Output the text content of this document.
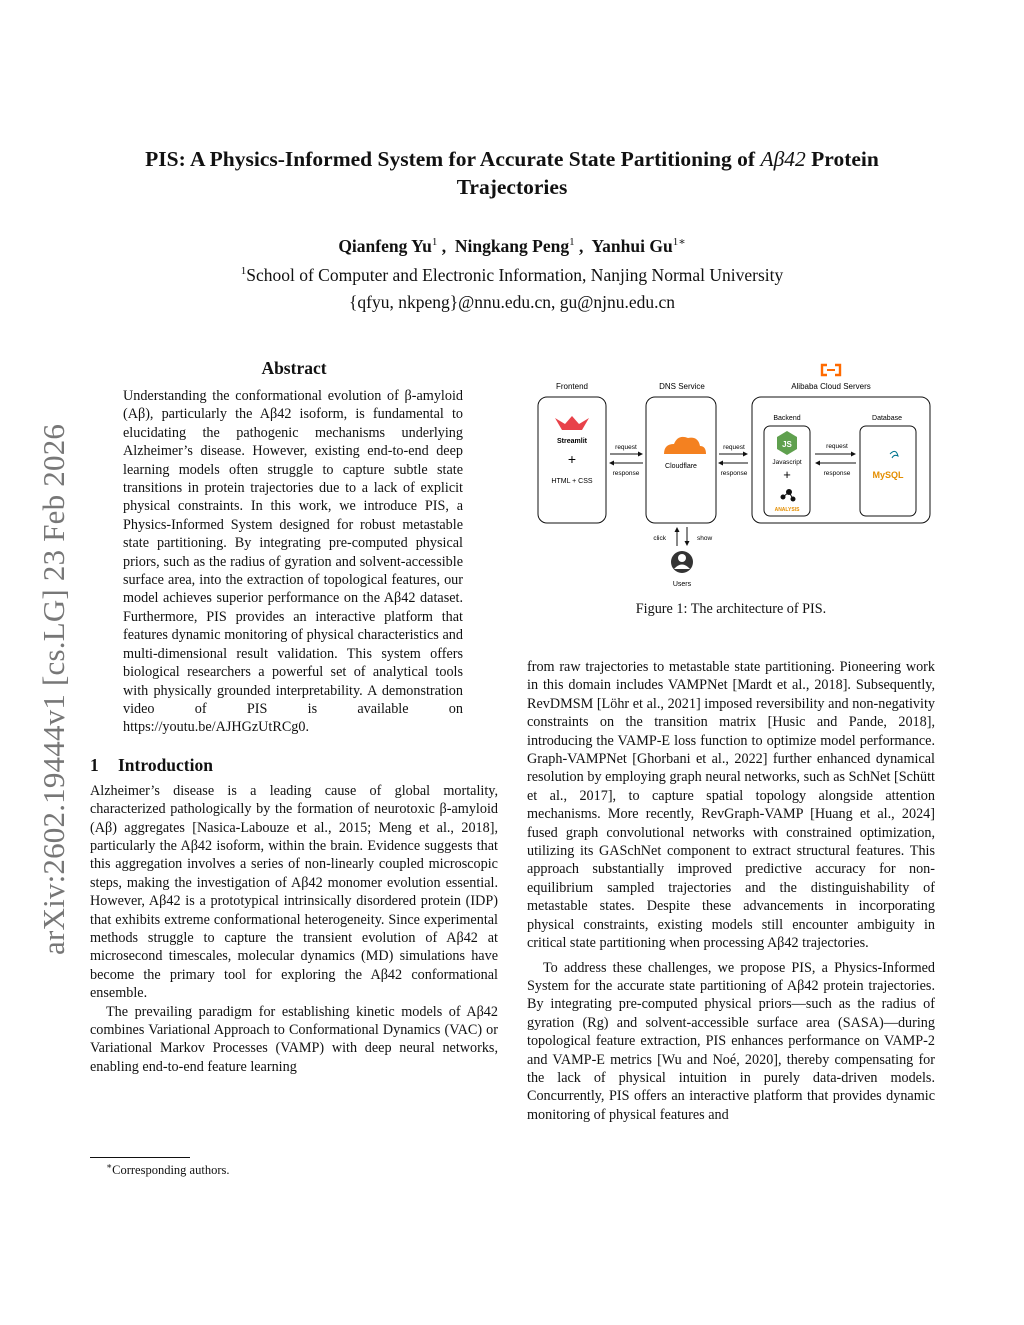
arXiv:2602.19444v1 [cs.LG] 23 Feb 2026
PIS: A Physics-Informed System for Accurate State Partitioning of Aβ42 Protein
Trajectories
Qianfeng Yu$^1$ ,  Ningkang Peng$^1$ ,  Yanhui $Gu^{1∗}$
$^1$School of Computer and Electronic Information, Nanjing Normal University
{qfyu, nkpeng}@nnu.edu.cn, gu@njnu.edu.cn
Abstract

Understanding the conformational evolution of β-amyloid (Aβ), particularly the Aβ42 isoform, is fundamental to elucidating the pathogenic mechanisms underlying Alzheimer’s disease. However, existing end-to-end deep learning models often struggle to capture subtle state transitions in protein trajectories due to a lack of explicit physical constraints. In this work, we introduce PIS, a Physics-Informed System designed for robust metastable state partitioning. By integrating pre-computed physical priors, such as the radius of gyration and solvent-accessible surface area, into the extraction of topological features, our model achieves superior performance on the Aβ42 dataset. Furthermore, PIS provides an interactive platform that features dynamic monitoring of physical characteristics and multi-dimensional result validation. This system offers biological researchers a powerful set of analytical tools with physically grounded interpretability. A demonstration video of PIS is available on https://youtu.be/AJHGzUtRCg0.

1 Introduction

Alzheimer’s disease is a leading cause of global mortality, characterized pathologically by the formation of neurotoxic β-amyloid (Aβ) aggregates [Nasica-Labouze et al., 2015; Meng et al., 2018], particularly the Aβ42 isoform, within the brain. Evidence suggests that this aggregation involves a series of non-linearly coupled microscopic steps, making the investigation of Aβ42 monomer evolution essential. However, Aβ42 is a prototypical intrinsically disordered protein (IDP) that exhibits extreme conformational heterogeneity. Since experimental methods struggle to capture the transient evolution of Aβ42 at microsecond timescales, molecular dynamics (MD) simulations have become the primary tool for exploring the Aβ42 conformational ensemble.

The prevailing paradigm for establishing kinetic models of Aβ42 combines Variational Approach to Conformational Dynamics (VAC) or Variational Markov Processes (VAMP) with deep neural networks, enabling end-to-end feature learning

∗Corresponding authors.
Frontend	DNS Service	Alibaba Cloud Servers
Streamlit
+
HTML + CSS
Cloudflare
Backend	Database
JS
Javascript
+
ANALYSIS
MySQL
request
response
request
response
request
response
click	show
Users
Figure 1: The architecture of PIS.

from raw trajectories to metastable state partitioning. Pioneering work in this domain includes VAMPNet [Mardt et al., 2018]. Subsequently, RevDMSM [Löhr et al., 2021] imposed reversibility and non-negativity constraints on the transition matrix [Husic and Pande, 2018], introducing the VAMP-E loss function to optimize model performance. Graph-VAMPNet [Ghorbani et al., 2022] further enhanced dynamical resolution by employing graph neural networks, such as SchNet [Schütt et al., 2017], to capture spatial topology alongside attention mechanisms. More recently, RevGraph-VAMP [Huang et al., 2024] fused graph convolutional networks with constrained optimization, utilizing its GASchNet component to extract structural features. This approach substantially improved predictive accuracy for non-equilibrium sampled trajectories and the distinguishability of metastable states. Despite these advancements in incorporating physical constraints, existing models still encounter ambiguity in critical state partitioning when processing Aβ42 trajectories.

To address these challenges, we propose PIS, a Physics-Informed System for the accurate state partitioning of Aβ42 protein trajectories. By integrating pre-computed physical priors—such as the radius of gyration (Rg) and solvent-accessible surface area (SASA)—during topological feature extraction, PIS enhances performance on VAMP-2 and VAMP-E metrics [Wu and Noé, 2020], thereby compensating for the lack of physical intuition in purely data-driven models. Concurrently, PIS offers an interactive platform that provides dynamic monitoring of physical features and
